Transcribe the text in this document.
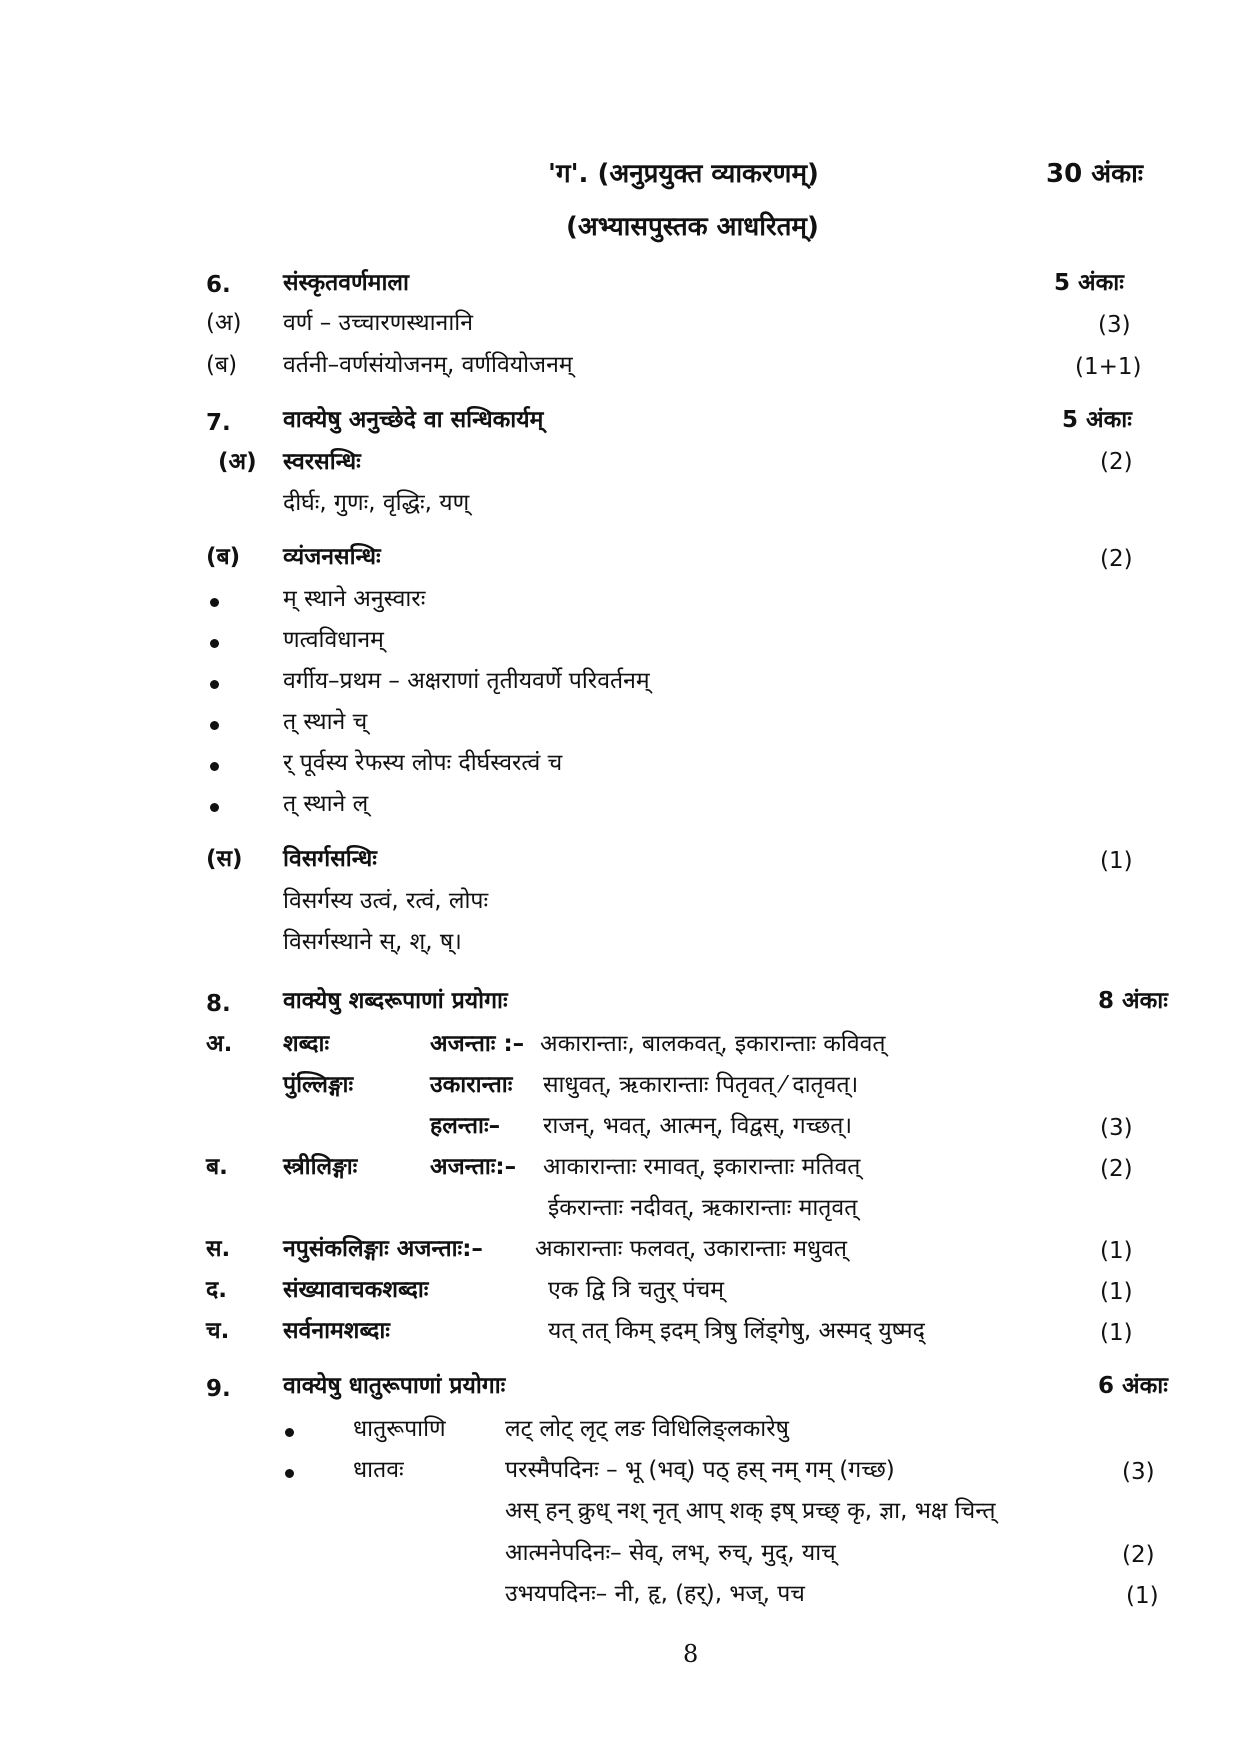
'ग'. (अनुप्रयुक्त व्याकरणम्)	30 अंकाः
(अभ्यासपुस्तक आधरितम्)
6. संस्कृतवर्णमाला	5 अंकाः
(अ) वर्ण – उच्चारणस्थानानि	(3)
(ब) वर्तनी–वर्णसंयोजनम्, वर्णवियोजनम्	(1+1)
7. वाक्येषु अनुच्छेदे वा सन्धिकार्यम्	5 अंकाः
(अ) स्वरसन्धिः	(2)
दीर्घः, गुणः, वृद्धिः, यण्
(ब) व्यंजनसन्धिः	(2)
म् स्थाने अनुस्वारः
णत्वविधानम्
वर्गीय–प्रथम – अक्षराणां तृतीयवर्णे परिवर्तनम्
त् स्थाने च्
र् पूर्वस्य रेफस्य लोपः दीर्घस्वरत्वं च
त् स्थाने ल्
(स) विसर्गसन्धिः	(1)
विसर्गस्य उत्वं, रत्वं, लोपः
विसर्गस्थाने स्, श्, ष्।
8. वाक्येषु शब्दरूपाणां प्रयोगाः	8 अंकाः
अ. शब्दाः	अजन्ताः :– अकारान्ताः, बालकवत्, इकारान्ताः कविवत्
पुंल्लिङ्गाः	उकारान्ताः साधुवत्, ऋकारान्ताः पितृवत् ⁄ दातृवत्।
हलन्ताः– राजन्, भवत्, आत्मन्, विद्वस्, गच्छत्।	(3)
ब. स्त्रीलिङ्गाः	अजन्ताः:– आकारान्ताः रमावत्, इकारान्ताः मतिवत्	(2)
ईकरान्ताः नदीवत्, ऋकारान्ताः मातृवत्
स. नपुसंकलिङ्गाः अजन्ताः:– अकारान्ताः फलवत्, उकारान्ताः मधुवत्	(1)
द. संख्यावाचकशब्दाः	एक द्वि त्रि चतुर् पंचम्	(1)
च. सर्वनामशब्दाः	यत् तत् किम् इदम् त्रिषु लिंड्गेषु, अस्मद् युष्मद्	(1)
9. वाक्येषु धातुरूपाणां प्रयोगाः	6 अंकाः
धातुरूपाणि	लट् लोट् लृट् लङ विधिलिङ्लकारेषु
धातवः	परस्मैपदिनः – भू (भव्) पठ् हस् नम् गम् (गच्छ)	(3)
अस् हन् क्रुध् नश् नृत् आप् शक् इष् प्रच्छ् कृ, ज्ञा, भक्ष चिन्त्
आत्मनेपदिनः– सेव्, लभ्, रुच्, मुद्, याच्	(2)
उभयपदिनः– नी, हृ, (हर्), भज्, पच	(1)
8
